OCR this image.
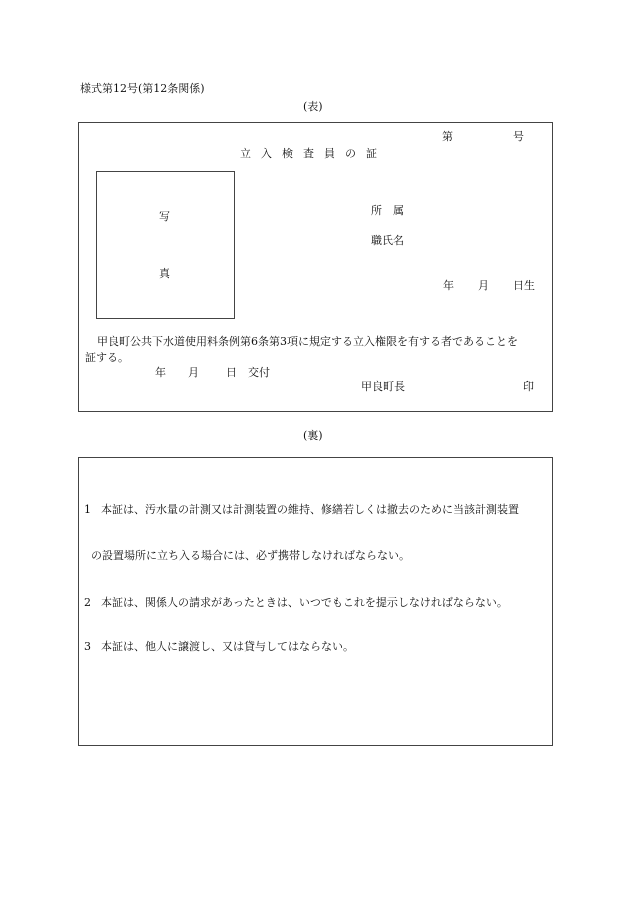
様式第12号(第12条関係)
(表)
第	号
立入検査員の証
写
真
所　属
職氏名
年 月 日生
甲良町公共下水道使用料条例第6条第3項に規定する立入権限を有する者であることを
証する。
年 月 日 交付
甲良町長	印
(裏)
1 本証は、汚水量の計測又は計測装置の維持、修繕若しくは撤去のために当該計測装置
の設置場所に立ち入る場合には、必ず携帯しなければならない。
2 本証は、関係人の請求があったときは、いつでもこれを提示しなければならない。
3 本証は、他人に譲渡し、又は貸与してはならない。
